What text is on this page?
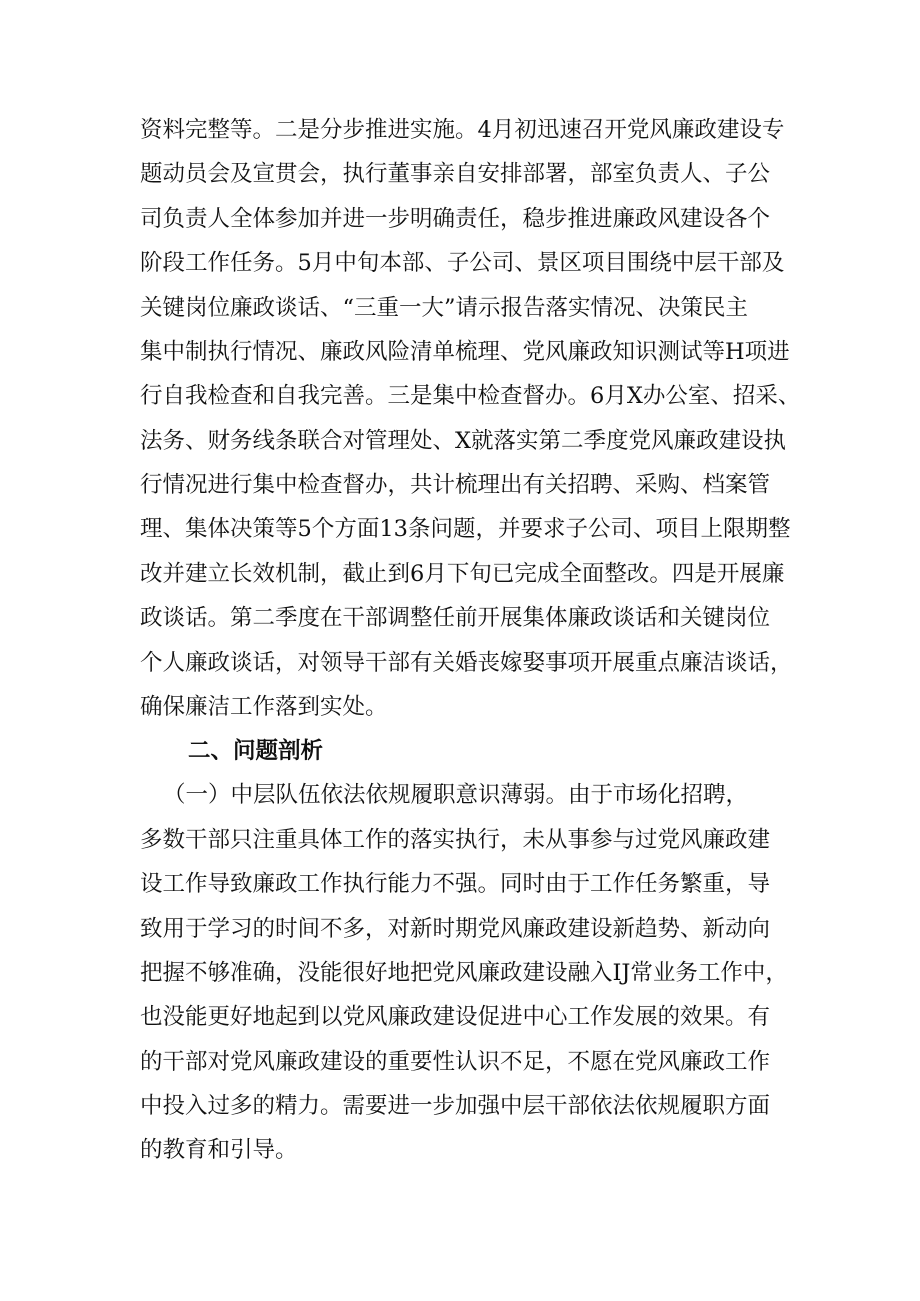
资料完整等。二是分步推进实施。4月初迅速召开党风廉政建设专
题动员会及宣贯会，执行董事亲自安排部署，部室负责人、子公
司负责人全体参加并进一步明确责任，稳步推进廉政风建设各个
阶段工作任务。5月中旬本部、子公司、景区项目围绕中层干部及
关键岗位廉政谈话、“三重一大”请示报告落实情况、决策民主
集中制执行情况、廉政风险清单梳理、党风廉政知识测试等H项进
行自我检查和自我完善。三是集中检查督办。6月X办公室、招采、
法务、财务线条联合对管理处、X就落实第二季度党风廉政建设执
行情况进行集中检查督办，共计梳理出有关招聘、采购、档案管
理、集体决策等5个方面13条问题，并要求子公司、项目上限期整
改并建立长效机制，截止到6月下旬已完成全面整改。四是开展廉
政谈话。第二季度在干部调整任前开展集体廉政谈话和关键岗位
个人廉政谈话，对领导干部有关婚丧嫁娶事项开展重点廉洁谈话，
确保廉洁工作落到实处。
二、问题剖析
（一）中层队伍依法依规履职意识薄弱。由于市场化招聘，
多数干部只注重具体工作的落实执行，未从事参与过党风廉政建
设工作导致廉政工作执行能力不强。同时由于工作任务繁重，导
致用于学习的时间不多，对新时期党风廉政建设新趋势、新动向
把握不够准确，没能很好地把党风廉政建设融入IJ常业务工作中，
也没能更好地起到以党风廉政建设促进中心工作发展的效果。有
的干部对党风廉政建设的重要性认识不足，不愿在党风廉政工作
中投入过多的精力。需要进一步加强中层干部依法依规履职方面
的教育和引导。
